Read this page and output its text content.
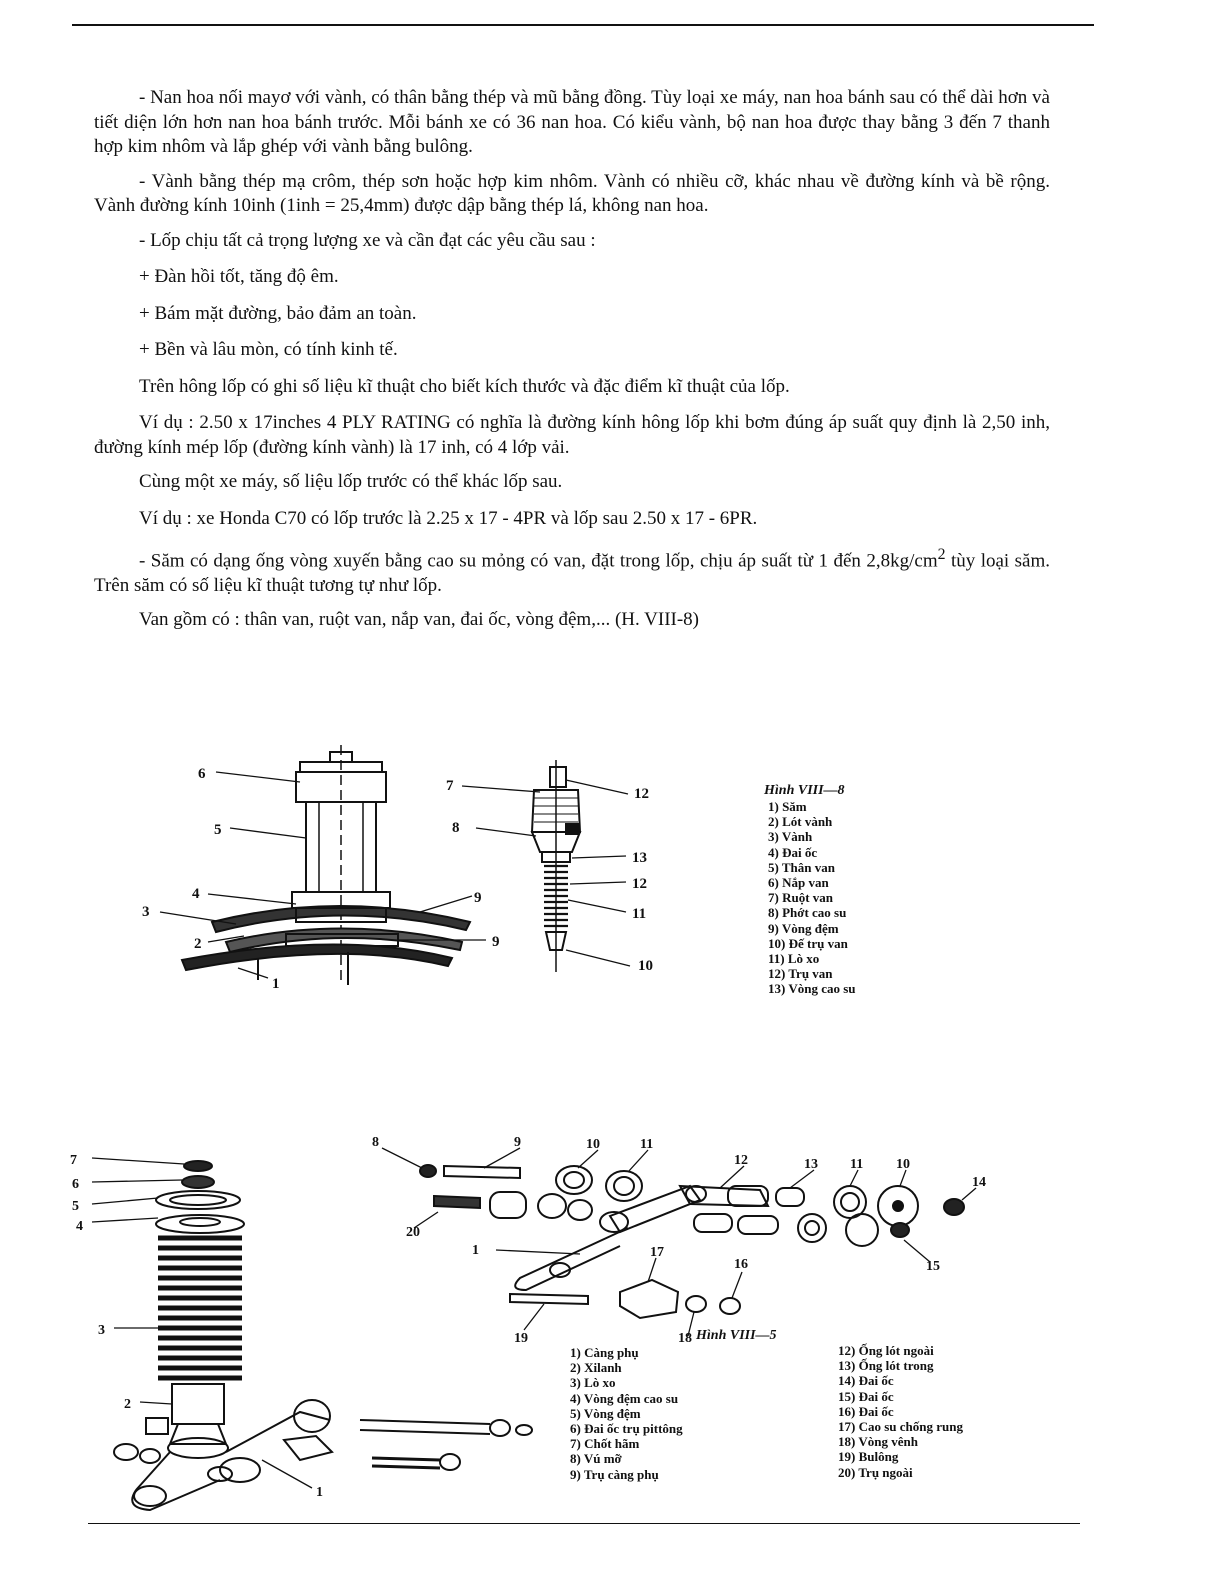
- Nan hoa nối mayơ với vành, có thân bằng thép và mũ bằng đồng. Tùy loại xe máy, nan hoa bánh sau có thể dài hơn và tiết diện lớn hơn nan hoa bánh trước. Mỗi bánh xe có 36 nan hoa. Có kiểu vành, bộ nan hoa được thay bằng 3 đến 7 thanh hợp kim nhôm và lắp ghép với vành bằng bulông.

- Vành bằng thép mạ crôm, thép sơn hoặc hợp kim nhôm. Vành có nhiều cỡ, khác nhau về đường kính và bề rộng. Vành đường kính 10inh (1inh = 25,4mm) được dập bằng thép lá, không nan hoa.

- Lốp chịu tất cả trọng lượng xe và cần đạt các yêu cầu sau :

+ Đàn hồi tốt, tăng độ êm.

+ Bám mặt đường, bảo đảm an toàn.

+ Bền và lâu mòn, có tính kinh tế.

Trên hông lốp có ghi số liệu kĩ thuật cho biết kích thước và đặc điểm kĩ thuật của lốp.

Ví dụ : 2.50 x 17inches 4 PLY RATING có nghĩa là đường kính hông lốp khi bơm đúng áp suất quy định là 2,50 inh, đường kính mép lốp (đường kính vành) là 17 inh, có 4 lớp vải.

Cùng một xe máy, số liệu lốp trước có thể khác lốp sau.

Ví dụ : xe Honda C70 có lốp trước là 2.25 x 17 - 4PR và lốp sau 2.50 x 17 - 6PR.

- Săm có dạng ống vòng xuyến bằng cao su mỏng có van, đặt trong lốp, chịu áp suất từ 1 đến $2,8kg/cm^2$ tùy loại săm. Trên săm có số liệu kĩ thuật tương tự như lốp.

Van gồm có : thân van, ruột van, nắp van, đai ốc, vòng đệm,... (H. VIII-8)

6
5
4
3
2
1
9
9
7
8
12
13
12
11
10
Hình VIII—8
1) Săm
2) Lót vành
3) Vành
4) Đai ốc
5) Thân van
6) Nắp van
7) Ruột van
8) Phớt cao su
9) Vòng đệm
10) Đế trụ van
11) Lò xo
12) Trụ van
13) Vòng cao su
7
6
5
4
3
2
1
8	9	10	11
12	13 11 10
14
20
1	17
16	15
19	18 Hình VIII—5
1) Càng phụ
2) Xilanh
3) Lò xo
4) Vòng đệm cao su
5) Vòng đệm
6) Đai ốc trụ pittông
7) Chốt hãm
8) Vú mỡ
9) Trụ càng phụ
12) Ống lót ngoài
13) Ống lót trong
14) Đai ốc
15) Đai ốc
16) Đai ốc
17) Cao su chống rung
18) Vòng vênh
19) Bulông
20) Trụ ngoài
